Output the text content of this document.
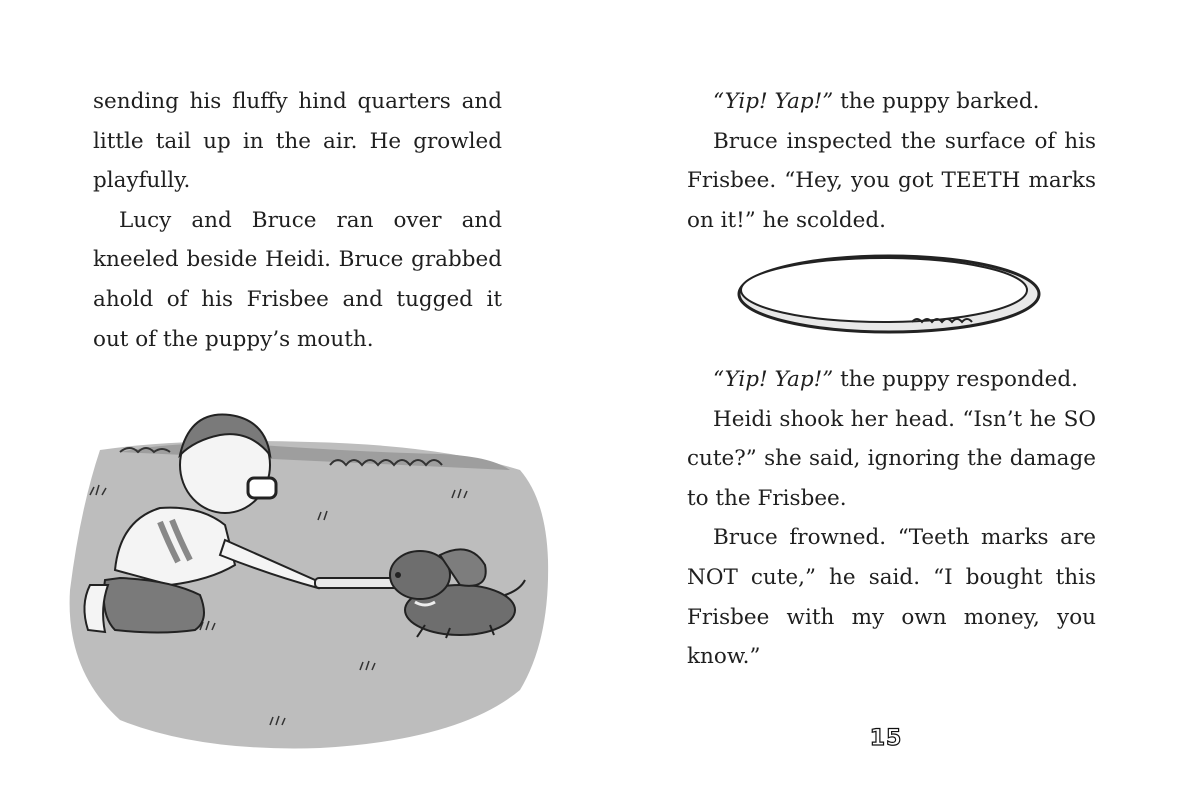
sending his fluffy hind quarters and little tail up in the air. He growled playfully.

Lucy and Bruce ran over and kneeled beside Heidi. Bruce grabbed ahold of his Frisbee and tugged it out of the puppy’s mouth.

“Yip! Yap!” the puppy barked.

Bruce inspected the surface of his Frisbee. “Hey, you got TEETH marks on it!” he scolded.

“Yip! Yap!” the puppy responded.

Heidi shook her head. “Isn’t he SO cute?” she said, ignoring the damage to the Frisbee.

Bruce frowned. “Teeth marks are NOT cute,” he said. “I bought this Frisbee with my own money, you know.”

15
